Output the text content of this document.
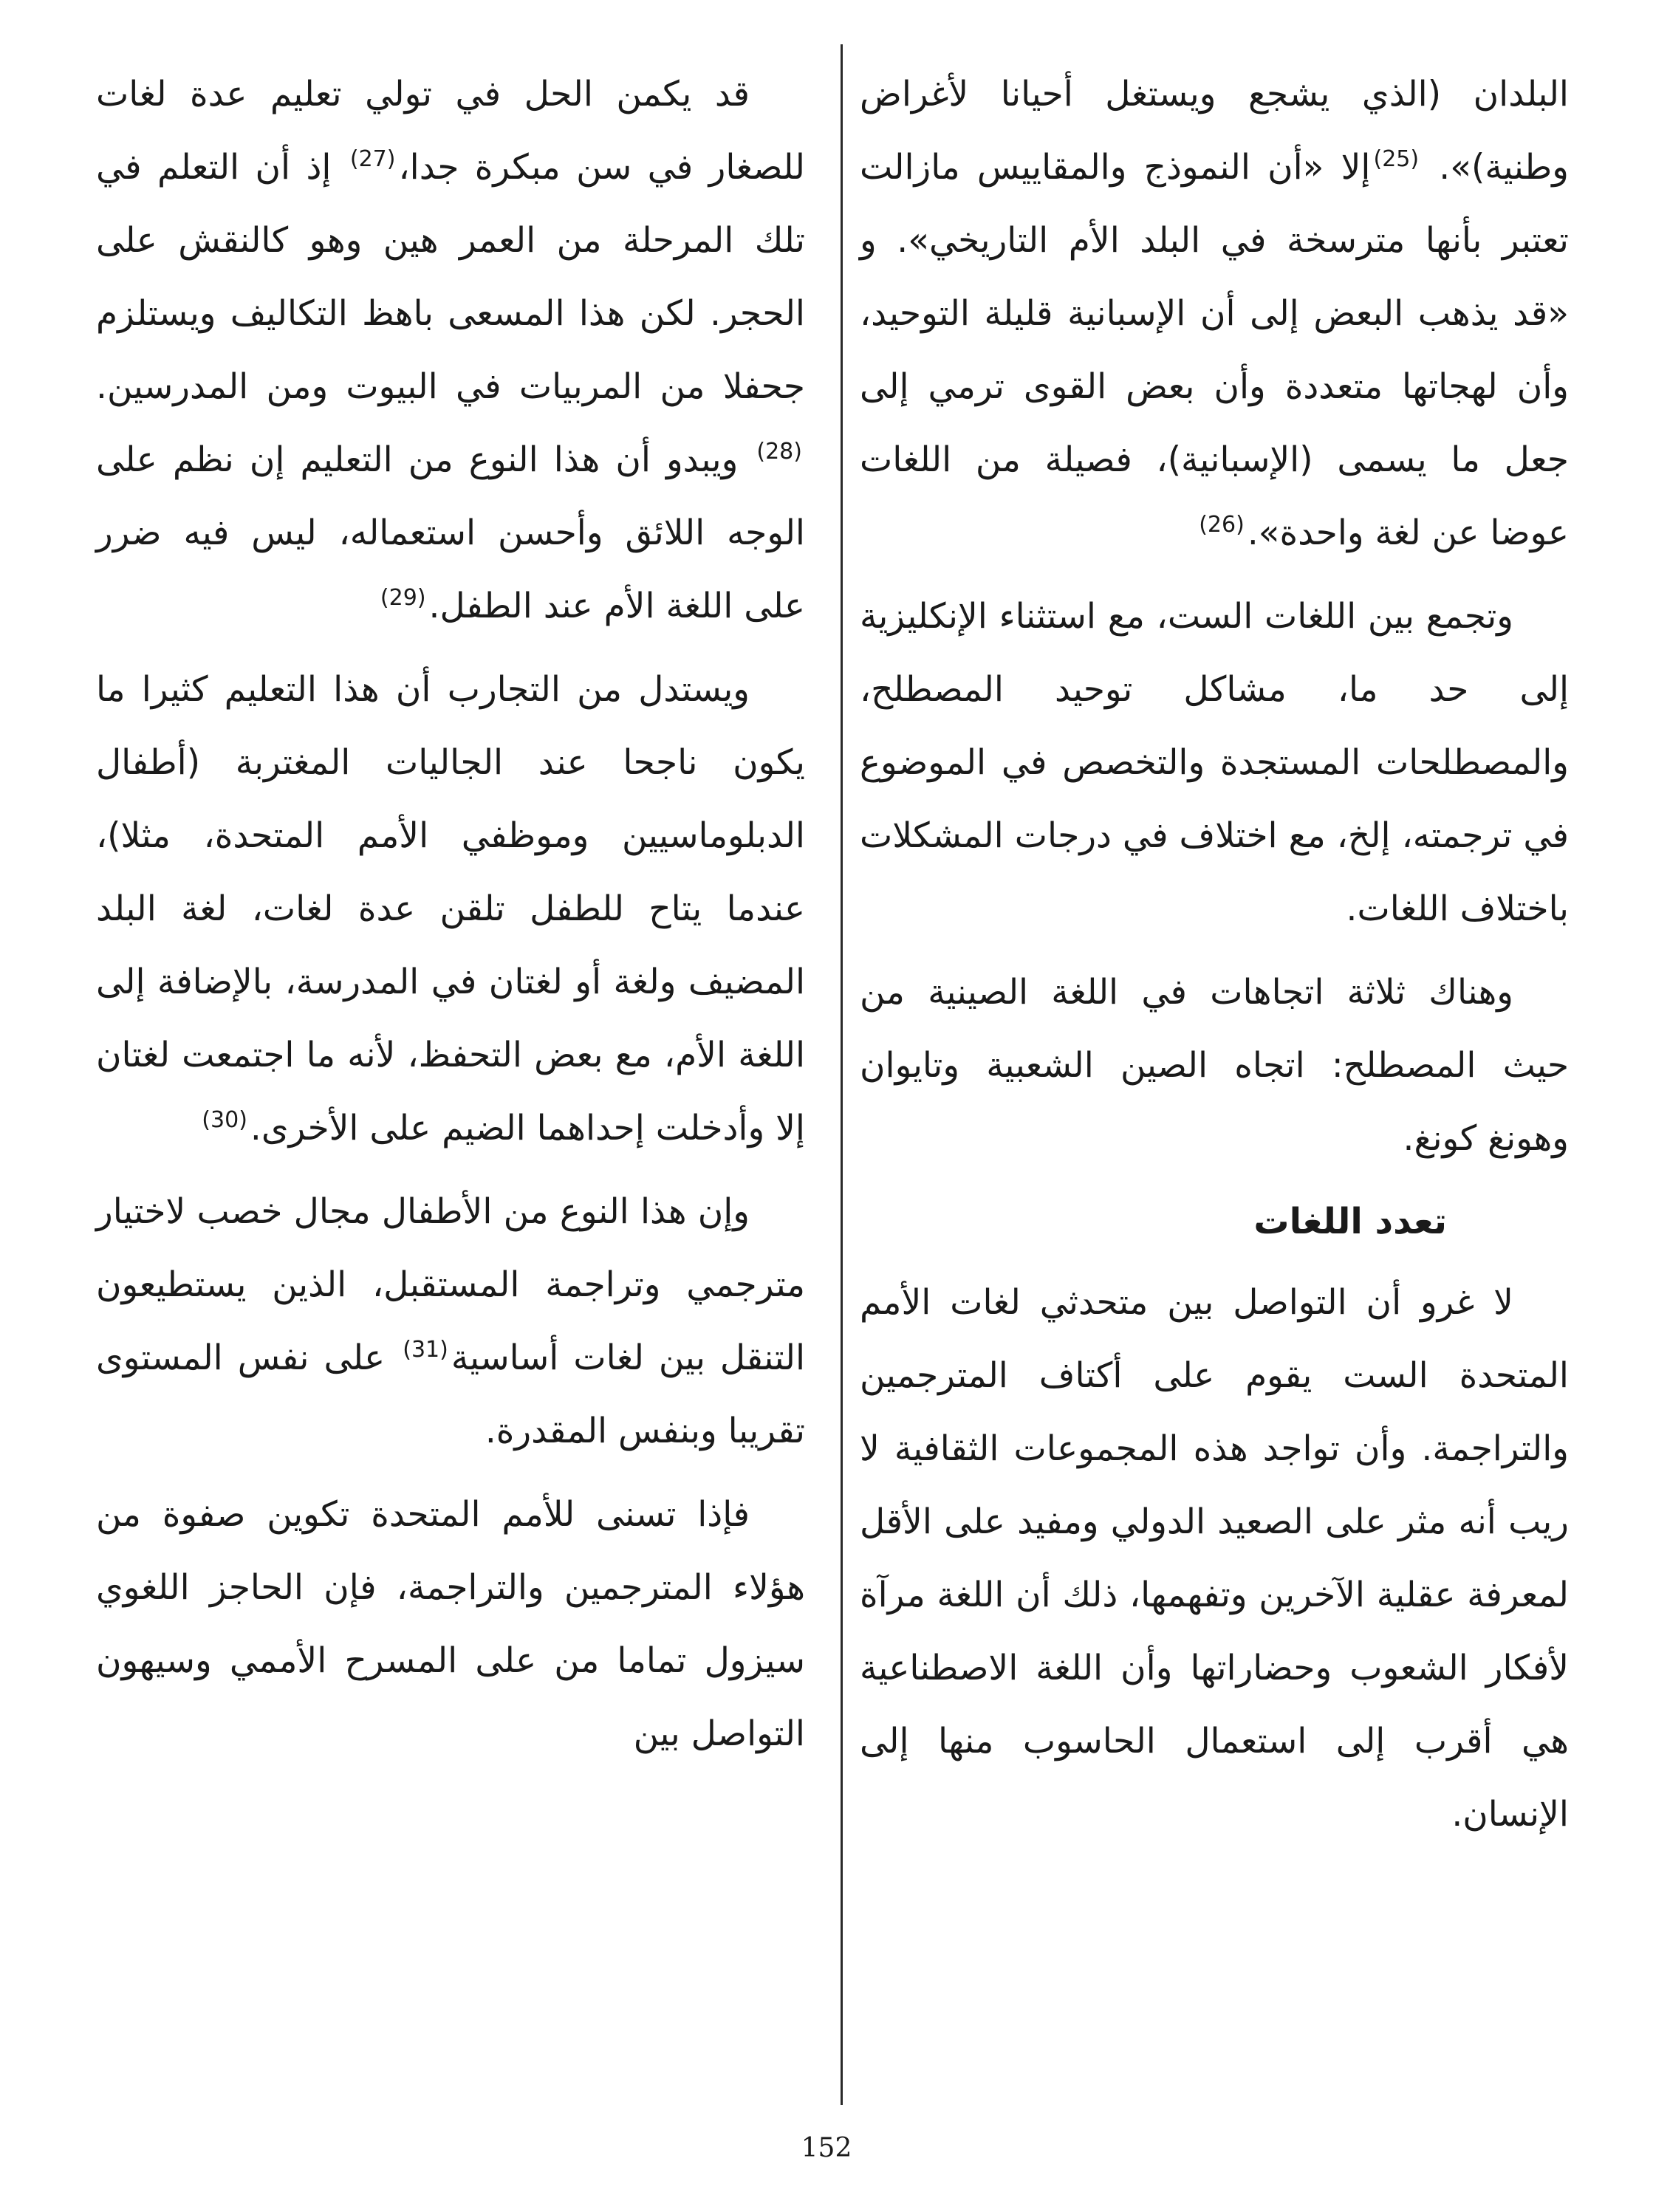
البلدان (الذي يشجع ويستغل أحيانا لأغراض وطنية)». $^{(25)}$إلا «أن النموذج والمقاييس مازالت تعتبر بأنها مترسخة في البلد الأم التاريخي». و «قد يذهب البعض إلى أن الإسبانية قليلة التوحيد، وأن لهجاتها متعددة وأن بعض القوى ترمي إلى جعل ما يسمى (الإسبانية)، فصيلة من اللغات عوضا عن لغة واحدة».$^{(26)}$

وتجمع بين اللغات الست، مع استثناء الإنكليزية إلى حد ما، مشاكل توحيد المصطلح، والمصطلحات المستجدة والتخصص في الموضوع في ترجمته، إلخ، مع اختلاف في درجات المشكلات باختلاف اللغات.

وهناك ثلاثة اتجاهات في اللغة الصينية من حيث المصطلح: اتجاه الصين الشعبية وتايوان وهونغ كونغ.

تعدد اللغات

لا غرو أن التواصل بين متحدثي لغات الأمم المتحدة الست يقوم على أكتاف المترجمين والتراجمة. وأن تواجد هذه المجموعات الثقافية لا ريب أنه مثر على الصعيد الدولي ومفيد على الأقل لمعرفة عقلية الآخرين وتفهمها، ذلك أن اللغة مرآة لأفكار الشعوب وحضاراتها وأن اللغة الاصطناعية هي أقرب إلى استعمال الحاسوب منها إلى الإنسان.

قد يكمن الحل في تولي تعليم عدة لغات للصغار في سن مبكرة جدا،$^{(27)}$ إذ أن التعلم في تلك المرحلة من العمر هين وهو كالنقش على الحجر. لكن هذا المسعى باهظ التكاليف ويستلزم جحفلا من المربيات في البيوت ومن المدرسين.$^{(28)}$ ويبدو أن هذا النوع من التعليم إن نظم على الوجه اللائق وأحسن استعماله، ليس فيه ضرر على اللغة الأم عند الطفل.$^{(29)}$

ويستدل من التجارب أن هذا التعليم كثيرا ما يكون ناجحا عند الجاليات المغتربة (أطفال الدبلوماسيين وموظفي الأمم المتحدة، مثلا)، عندما يتاح للطفل تلقن عدة لغات، لغة البلد المضيف ولغة أو لغتان في المدرسة، بالإضافة إلى اللغة الأم، مع بعض التحفظ، لأنه ما اجتمعت لغتان إلا وأدخلت إحداهما الضيم على الأخرى.$^{(30)}$

وإن هذا النوع من الأطفال مجال خصب لاختيار مترجمي وتراجمة المستقبل، الذين يستطيعون التنقل بين لغات أساسية$^{(31)}$ على نفس المستوى تقريبا وبنفس المقدرة.

فإذا تسنى للأمم المتحدة تكوين صفوة من هؤلاء المترجمين والتراجمة، فإن الحاجز اللغوي سيزول تماما من على المسرح الأممي وسيهون التواصل بين

152
